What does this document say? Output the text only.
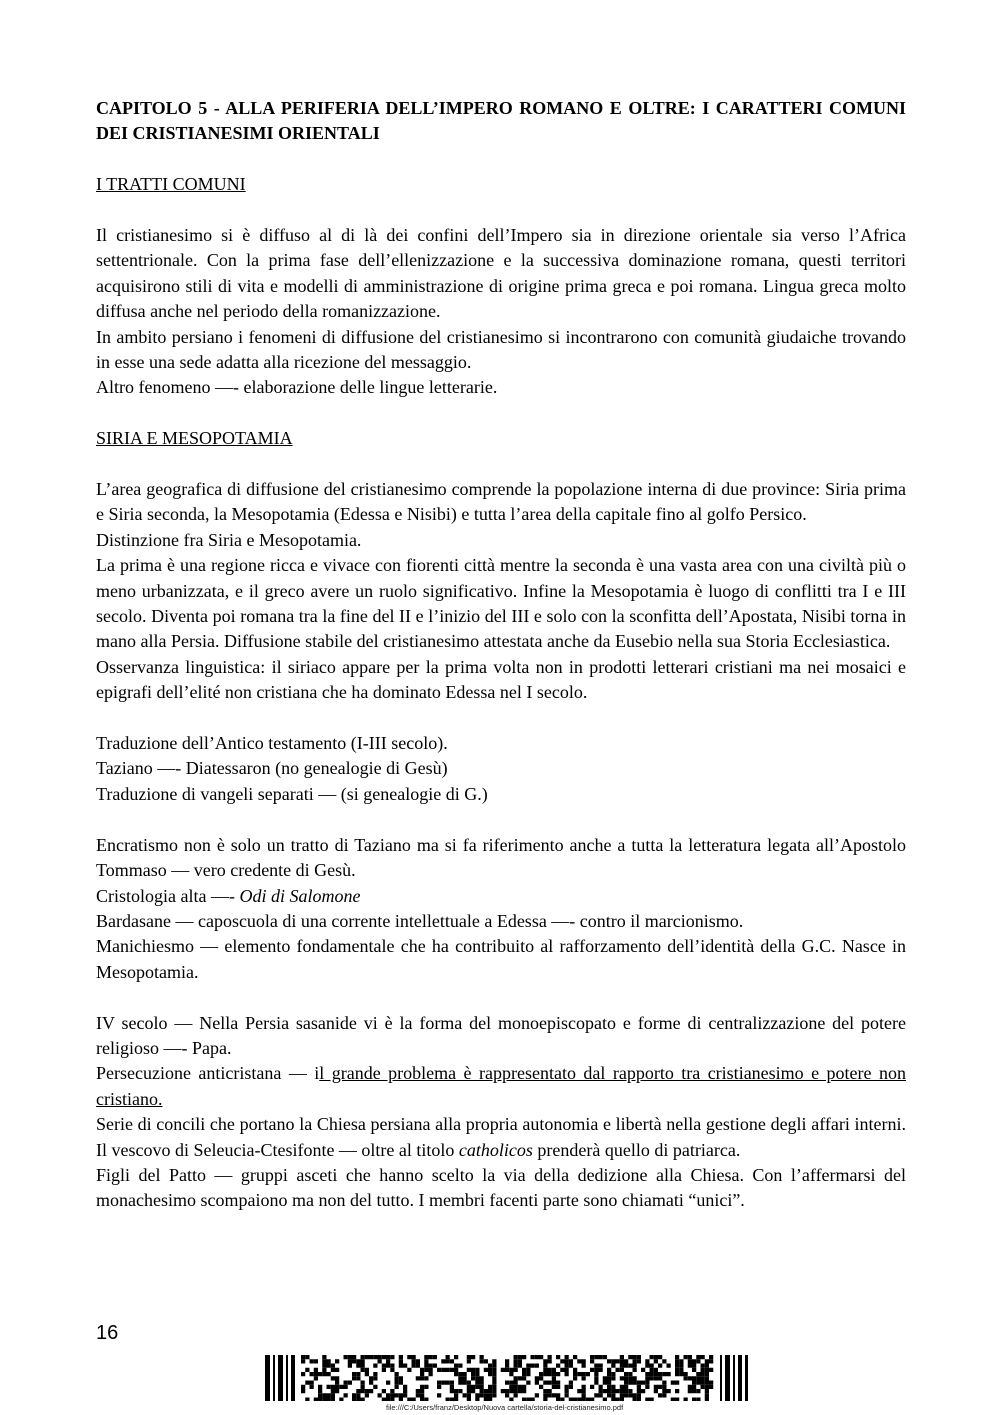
CAPITOLO 5 - ALLA PERIFERIA DELL’IMPERO ROMANO E OLTRE: I CARATTERI COMUNI DEI CRISTIANESIMI ORIENTALI

I TRATTI COMUNI

Il cristianesimo si è diffuso al di là dei confini dell’Impero sia in direzione orientale sia verso l’Africa settentrionale. Con la prima fase dell’ellenizzazione e la successiva dominazione romana, questi territori acquisirono stili di vita e modelli di amministrazione di origine prima greca e poi romana. Lingua greca molto diffusa anche nel periodo della romanizzazione.

In ambito persiano i fenomeni di diffusione del cristianesimo si incontrarono con comunità giudaiche trovando in esse una sede adatta alla ricezione del messaggio.

Altro fenomeno —- elaborazione delle lingue letterarie.

SIRIA E MESOPOTAMIA

L’area geografica di diffusione del cristianesimo comprende la popolazione interna di due province: Siria prima e Siria seconda, la Mesopotamia (Edessa e Nisibi) e tutta l’area della capitale fino al golfo Persico.

Distinzione fra Siria e Mesopotamia.

La prima è una regione ricca e vivace con fiorenti città mentre la seconda è una vasta area con una civiltà più o meno urbanizzata, e il greco avere un ruolo significativo. Infine la Mesopotamia è luogo di conflitti tra I e III secolo. Diventa poi romana tra la fine del II e l’inizio del III e solo con la sconfitta dell’Apostata, Nisibi torna in mano alla Persia. Diffusione stabile del cristianesimo attestata anche da Eusebio nella sua Storia Ecclesiastica.

Osservanza linguistica: il siriaco appare per la prima volta non in prodotti letterari cristiani ma nei mosaici e epigrafi dell’elité non cristiana che ha dominato Edessa nel I secolo.

Traduzione dell’Antico testamento (I-III secolo).

Taziano —- Diatessaron (no genealogie di Gesù)

Traduzione di vangeli separati — (si genealogie di G.)

Encratismo non è solo un tratto di Taziano ma si fa riferimento anche a tutta la letteratura legata all’Apostolo Tommaso — vero credente di Gesù.

Cristologia alta —- Odi di Salomone

Bardasane — caposcuola di una corrente intellettuale a Edessa —- contro il marcionismo.

Manichiesmo — elemento fondamentale che ha contribuito al rafforzamento dell’identità della G.C. Nasce in Mesopotamia.

IV secolo — Nella Persia sasanide vi è la forma del monoepiscopato e forme di centralizzazione del potere religioso —- Papa.

Persecuzione anticristana — il grande problema è rappresentato dal rapporto tra cristianesimo e potere non cristiano.

Serie di concili che portano la Chiesa persiana alla propria autonomia e libertà nella gestione degli affari interni. Il vescovo di Seleucia-Ctesifonte — oltre al titolo catholicos prenderà quello di patriarca.

Figli del Patto — gruppi asceti che hanno scelto la via della dedizione alla Chiesa. Con l’affermarsi del monachesimo scompaiono ma non del tutto. I membri facenti parte sono chiamati “unici”.

16
file:///C:/Users/franz/Desktop/Nuova cartella/storia-del-cristianesimo.pdf
